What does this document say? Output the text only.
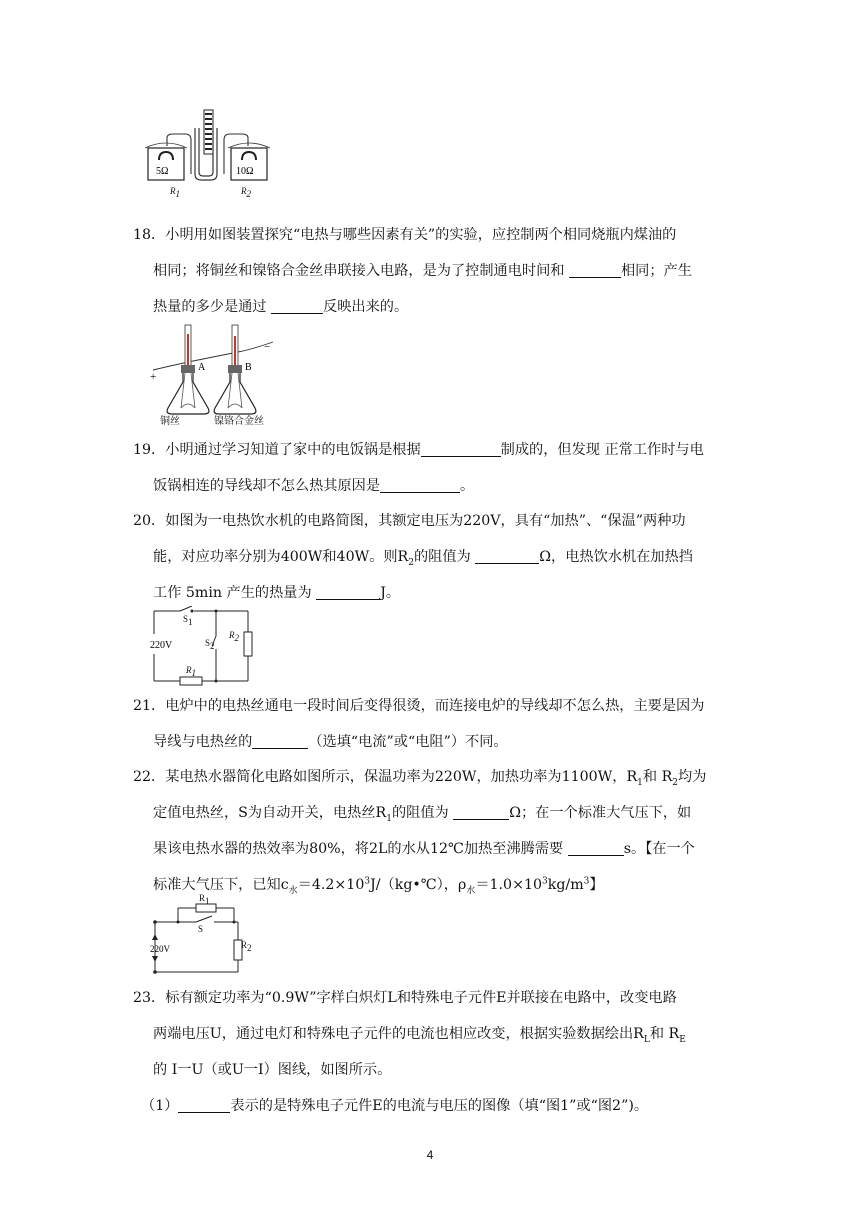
5Ω	10Ω
$R_1$	$R_2$

18．小明用如图装置探究“电热与哪些因素有关”的实验，应控制两个相同烧瓶内煤油的

相同；将铜丝和镍铬合金丝串联接入电路，是为了控制通电时间和	相同；产生

热量的多少是通过	反映出来的。

+
−
A	B
铜丝	镍铬合金丝

19．小明通过学习知道了家中的电饭锅是根据	制成的，但发现 正常工作时与电

饭锅相连的导线却不怎么热其原因是	。

20．如图为一电热饮水机的电路简图，其额定电压为220V，具有“加热”、“保温”两种功

能，对应功率分别为400W和40W。则$R_2$的阻值为	Ω，电热饮水机在加热挡

工作 5min 产生的热量为	J。

220V
$S_1$
$S_2$
$R_2$
$R_1$

21．电炉中的电热丝通电一段时间后变得很烫，而连接电炉的导线却不怎么热，主要是因为

导线与电热丝的	（选填“电流”或“电阻”）不同。

22．某电热水器简化电路如图所示，保温功率为220W，加热功率为1100W，$R_1$和 $R_2$均为

定值电热丝，S为自动开关，电热丝$R_1$的阻值为	Ω；在一个标准大气压下，如

果该电热水器的热效率为80%，将2L的水从12℃加热至沸腾需要	s。【在一个

标准大气压下，已知$c_水=4.2\times 10^3J/(kg•℃)$，$\rho_水=1.0\times 10^3kg/m^3$】

220V
$R_1$
S
$R_2$

23．标有额定功率为“0.9W”字样白炽灯L和特殊电子元件E并联接在电路中，改变电路

两端电压U，通过电灯和特殊电子元件的电流也相应改变，根据实验数据绘出$R_L$和 $R_E$

的 I一U（或U一I）图线，如图所示。

（1）	表示的是特殊电子元件E的电流与电压的图像（填“图1”或“图2”)。

4
